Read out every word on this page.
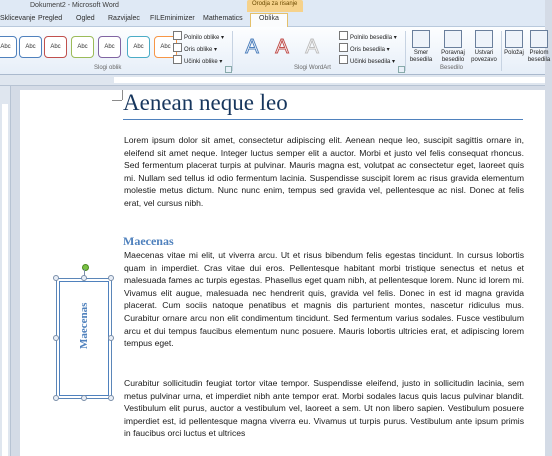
Dokument2 - Microsoft Word	Orodja za risanje
Sklicevanje Pregled Ogled Razvijalec FILEminimizer Mathematics	Oblika
Abc	Abc	Abc	Abc	Abc	Abc	Abc
Polnilo oblike ▾
Oris oblike ▾
Učinki oblike ▾
Slogi oblik
A A A	Polnilo besedila ▾
Oris besedila ▾
Učinki besedila ▾
Slogi WordArt
Smer besedila
Poravnaj besedilo
Ustvari povezavo
Besedilo
Položaj Prelom besedila
Aenean neque leo
Lorem ipsum dolor sit amet, consectetur adipiscing elit. Aenean neque leo, suscipit sagittis ornare in, eleifend sit amet neque. Integer luctus semper elit a auctor. Morbi et justo vel felis consequat rhoncus. Sed fermentum placerat turpis at pulvinar. Mauris magna est, volutpat ac consectetur eget, laoreet quis mi. Nullam sed tellus id odio fermentum lacinia. Suspendisse suscipit lorem ac risus gravida elementum molestie metus dictum. Nunc nunc enim, tempus sed gravida vel, pellentesque ac nisl. Donec at felis erat, vel cursus nibh.
Maecenas
Maecenas vitae mi elit, ut viverra arcu. Ut et risus bibendum felis egestas tincidunt. In cursus lobortis quam in imperdiet. Cras vitae dui eros. Pellentesque habitant morbi tristique senectus et netus et malesuada fames ac turpis egestas. Phasellus eget quam nibh, at pellentesque lorem. Nunc id lorem mi. Vivamus elit augue, malesuada nec hendrerit quis, gravida vel felis. Donec in est id magna gravida placerat. Cum sociis natoque penatibus et magnis dis parturient montes, nascetur ridiculus mus. Curabitur ornare arcu non elit condimentum tincidunt. Sed fermentum varius sodales. Fusce vestibulum arcu et dui tempus faucibus elementum nunc posuere. Mauris lobortis ultricies erat, et adipiscing lorem tempus eget.
Curabitur sollicitudin feugiat tortor vitae tempor. Suspendisse eleifend, justo in sollicitudin lacinia, sem metus pulvinar urna, et imperdiet nibh ante tempor erat. Morbi sodales lacus quis lacus pulvinar blandit. Vestibulum elit purus, auctor a vestibulum vel, laoreet a sem. Ut non libero sapien. Vestibulum posuere imperdiet est, id pellentesque magna viverra eu. Vivamus ut turpis purus. Vestibulum ante ipsum primis in faucibus orci luctus et ultrices
Maecenas
